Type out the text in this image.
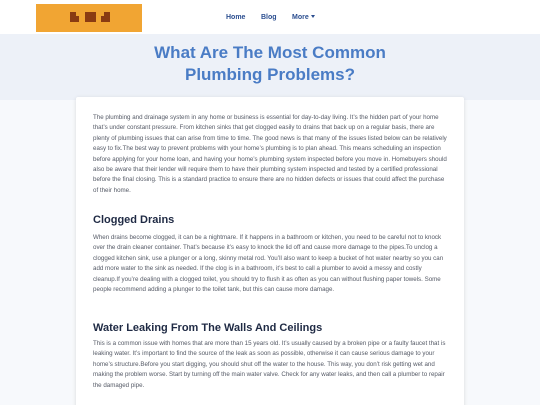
Home Blog More
What Are The Most Common Plumbing Problems?

The plumbing and drainage system in any home or business is essential for day-to-day living. It’s the hidden part of your home that’s under constant pressure. From kitchen sinks that get clogged easily to drains that back up on a regular basis, there are plenty of plumbing issues that can arise from time to time. The good news is that many of the issues listed below can be relatively easy to fix.The best way to prevent problems with your home’s plumbing is to plan ahead. This means scheduling an inspection before applying for your home loan, and having your home’s plumbing system inspected before you move in. Homebuyers should also be aware that their lender will require them to have their plumbing system inspected and tested by a certified professional before the final closing. This is a standard practice to ensure there are no hidden defects or issues that could affect the purchase of their home.

Clogged Drains

When drains become clogged, it can be a nightmare. If it happens in a bathroom or kitchen, you need to be careful not to knock over the drain cleaner container. That’s because it’s easy to knock the lid off and cause more damage to the pipes.To unclog a clogged kitchen sink, use a plunger or a long, skinny metal rod. You’ll also want to keep a bucket of hot water nearby so you can add more water to the sink as needed. If the clog is in a bathroom, it’s best to call a plumber to avoid a messy and costly cleanup.If you’re dealing with a clogged toilet, you should try to flush it as often as you can without flushing paper towels. Some people recommend adding a plunger to the toilet tank, but this can cause more damage.

Water Leaking From The Walls And Ceilings

This is a common issue with homes that are more than 15 years old. It’s usually caused by a broken pipe or a faulty faucet that is leaking water. It’s important to find the source of the leak as soon as possible, otherwise it can cause serious damage to your home’s structure.Before you start digging, you should shut off the water to the house. This way, you don’t risk getting wet and making the problem worse. Start by turning off the main water valve. Check for any water leaks, and then call a plumber to repair the damaged pipe.
